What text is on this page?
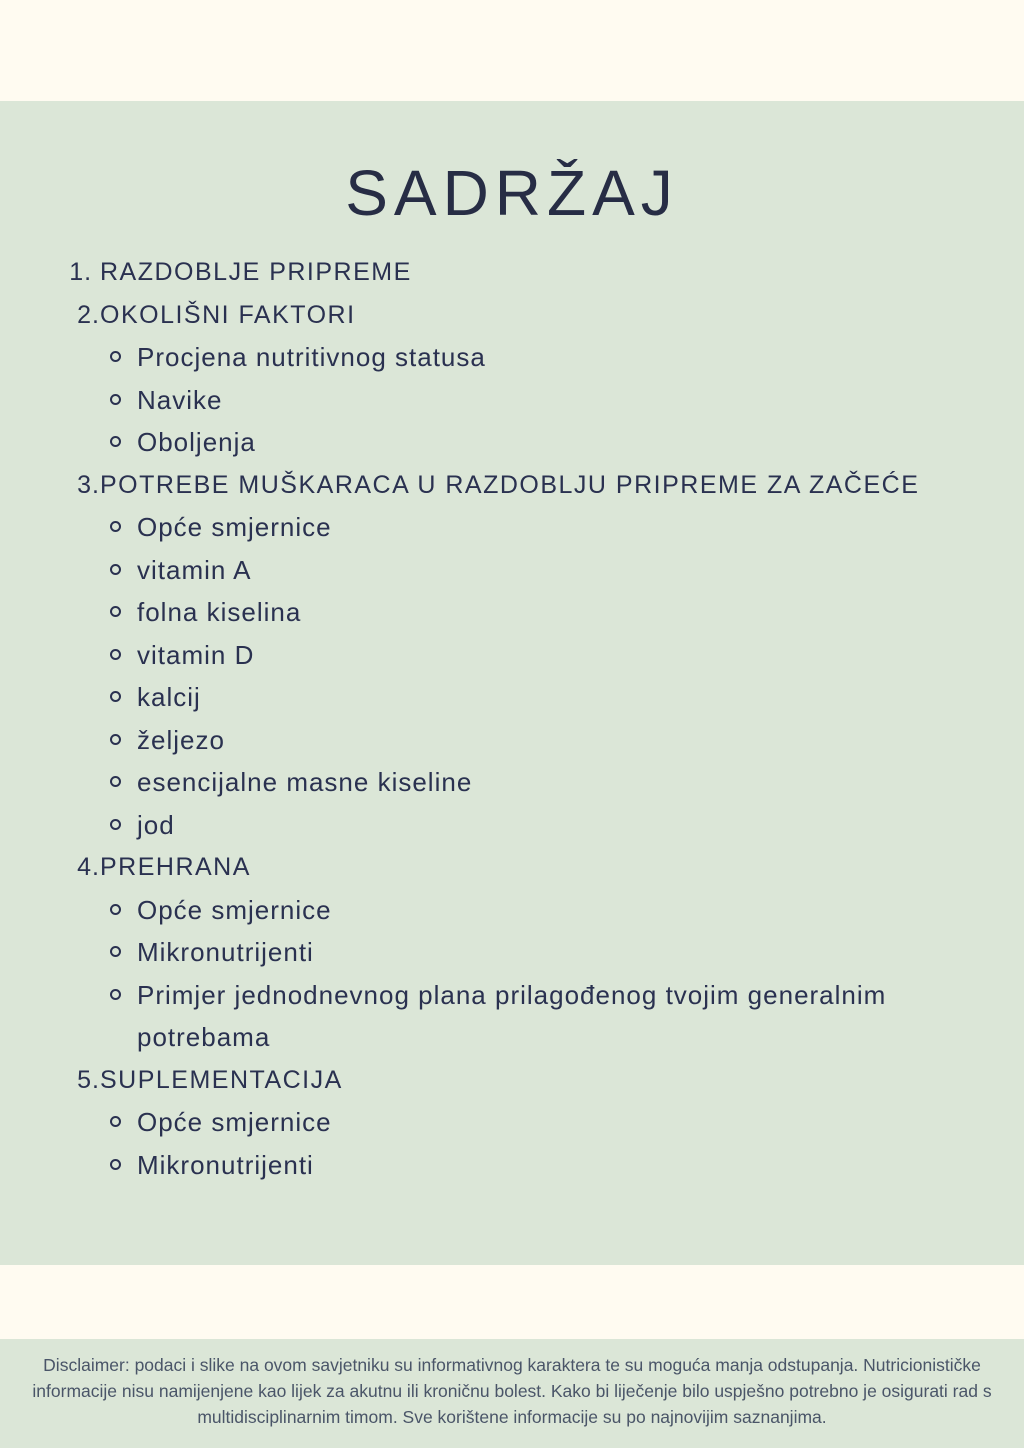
SADRŽAJ
1. RAZDOBLJE PRIPREME
2. OKOLIŠNI FAKTORI
Procjena nutritivnog statusa
Navike
Oboljenja
3. POTREBE MUŠKARACA U RAZDOBLJU PRIPREME ZA ZAČEĆE
Opće smjernice
vitamin A
folna kiselina
vitamin D
kalcij
željezo
esencijalne masne kiseline
jod
4. PREHRANA
Opće smjernice
Mikronutrijenti
Primjer jednodnevnog plana prilagođenog tvojim generalnim potrebama
5. SUPLEMENTACIJA
Opće smjernice
Mikronutrijenti

Disclaimer: podaci i slike na ovom savjetniku su informativnog karaktera te su moguća manja odstupanja. Nutricionističke informacije nisu namijenjene kao lijek za akutnu ili kroničnu bolest. Kako bi liječenje bilo uspješno potrebno je osigurati rad s multidisciplinarnim timom. Sve korištene informacije su po najnovijim saznanjima.
